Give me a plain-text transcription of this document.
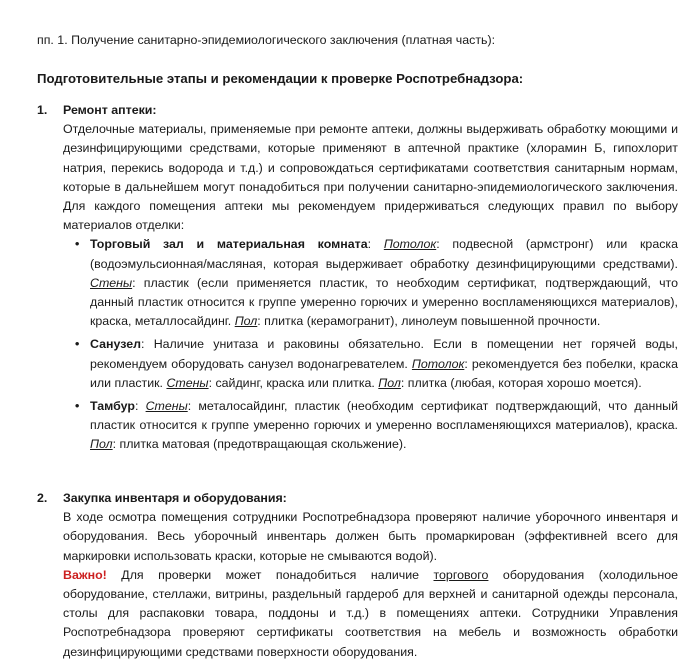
пп. 1. Получение санитарно-эпидемиологического заключения (платная часть):
Подготовительные этапы и рекомендации к проверке Роспотребнадзора:
1. Ремонт аптеки:
Отделочные материалы, применяемые при ремонте аптеки, должны выдерживать обработку моющими и дезинфицирующими средствами, которые применяют в аптечной практике (хлорамин Б, гипохлорит натрия, перекись водорода и т.д.) и сопровождаться сертификатами соответствия санитарным нормам, которые в дальнейшем могут понадобиться при получении санитарно-эпидемиологического заключения. Для каждого помещения аптеки мы рекомендуем придерживаться следующих правил по выбору материалов отделки:
• Торговый зал и материальная комната: Потолок: подвесной (армстронг) или краска (водоэмульсионная/масляная, которая выдерживает обработку дезинфицирующими средствами). Стены: пластик (если применяется пластик, то необходим сертификат, подтверждающий, что данный пластик относится к группе умеренно горючих и умеренно воспламеняющихся материалов), краска, металлосайдинг. Пол: плитка (керамогранит), линолеум повышенной прочности.
• Санузел: Наличие унитаза и раковины обязательно. Если в помещении нет горячей воды, рекомендуем оборудовать санузел водонагревателем. Потолок: рекомендуется без побелки, краска или пластик. Стены: сайдинг, краска или плитка. Пол: плитка (любая, которая хорошо моется).
• Тамбур: Стены: металосайдинг, пластик (необходим сертификат подтверждающий, что данный пластик относится к группе умеренно горючих и умеренно воспламеняющихся материалов), краска. Пол: плитка матовая (предотвращающая скольжение).
2. Закупка инвентаря и оборудования:
В ходе осмотра помещения сотрудники Роспотребнадзора проверяют наличие уборочного инвентаря и оборудования. Весь уборочный инвентарь должен быть промаркирован (эффективней всего для маркировки использовать краски, которые не смываются водой).
Важно! Для проверки может понадобиться наличие торгового оборудования (холодильное оборудование, стеллажи, витрины, раздельный гардероб для верхней и санитарной одежды персонала, столы для распаковки товара, поддоны и т.д.) в помещениях аптеки. Сотрудники Управления Роспотребнадзора проверяют сертификаты соответствия на мебель и возможность обработки дезинфицирующими средствами поверхности оборудования.
